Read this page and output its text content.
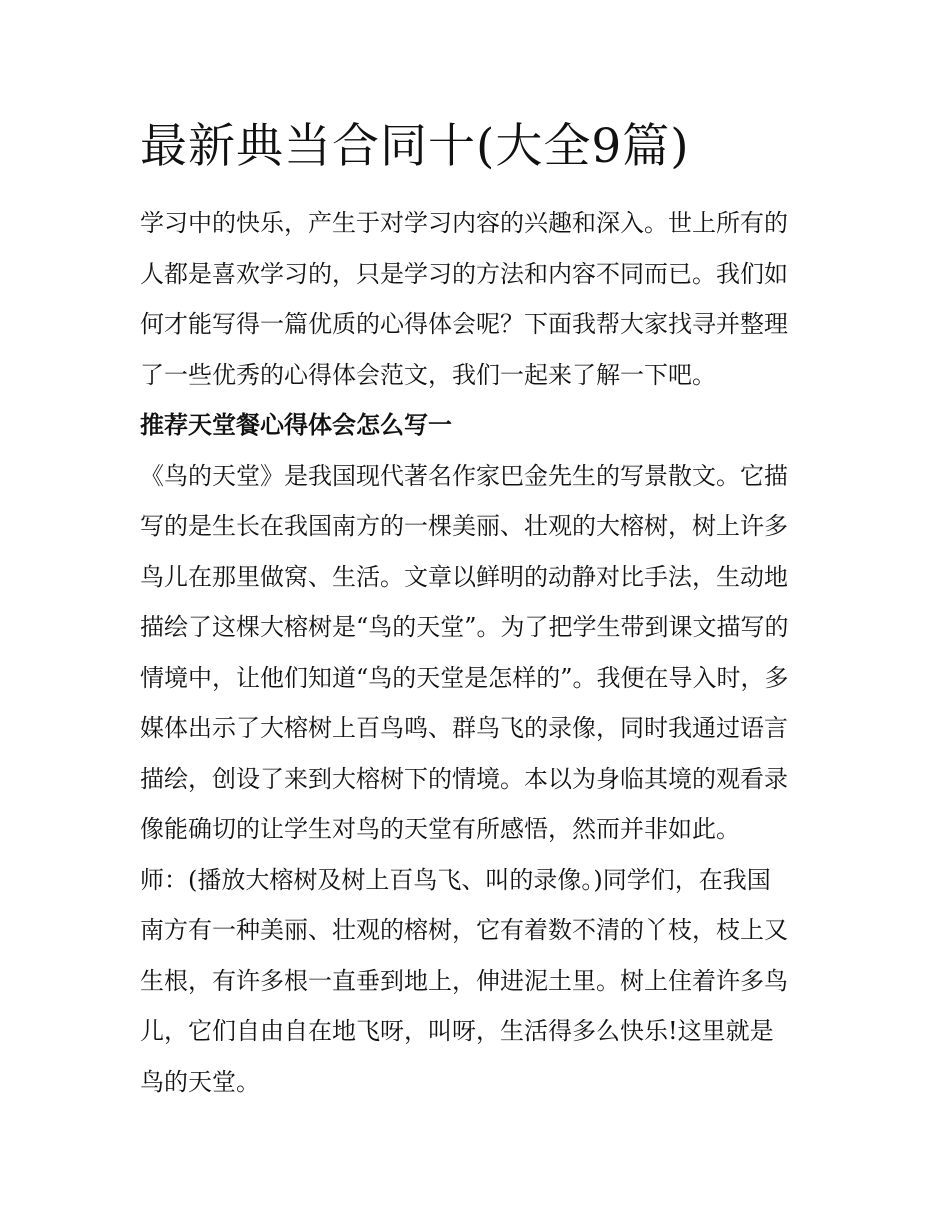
最新典当合同十(大全9篇)

学习中的快乐，产生于对学习内容的兴趣和深入。世上所有的
人都是喜欢学习的，只是学习的方法和内容不同而已。我们如
何才能写得一篇优质的心得体会呢？下面我帮大家找寻并整理
了一些优秀的心得体会范文，我们一起来了解一下吧。

推荐天堂餐心得体会怎么写一

《鸟的天堂》是我国现代著名作家巴金先生的写景散文。它描
写的是生长在我国南方的一棵美丽、壮观的大榕树，树上许多
鸟儿在那里做窝、生活。文章以鲜明的动静对比手法，生动地
描绘了这棵大榕树是“鸟的天堂”。为了把学生带到课文描写的
情境中，让他们知道“鸟的天堂是怎样的”。我便在导入时，多
媒体出示了大榕树上百鸟鸣、群鸟飞的录像，同时我通过语言
描绘，创设了来到大榕树下的情境。本以为身临其境的观看录
像能确切的让学生对鸟的天堂有所感悟，然而并非如此。

师：(播放大榕树及树上百鸟飞、叫的录像。)同学们，在我国
南方有一种美丽、壮观的榕树，它有着数不清的丫枝，枝上又
生根，有许多根一直垂到地上，伸进泥土里。树上住着许多鸟
儿，它们自由自在地飞呀，叫呀，生活得多么快乐!这里就是
鸟的天堂。
